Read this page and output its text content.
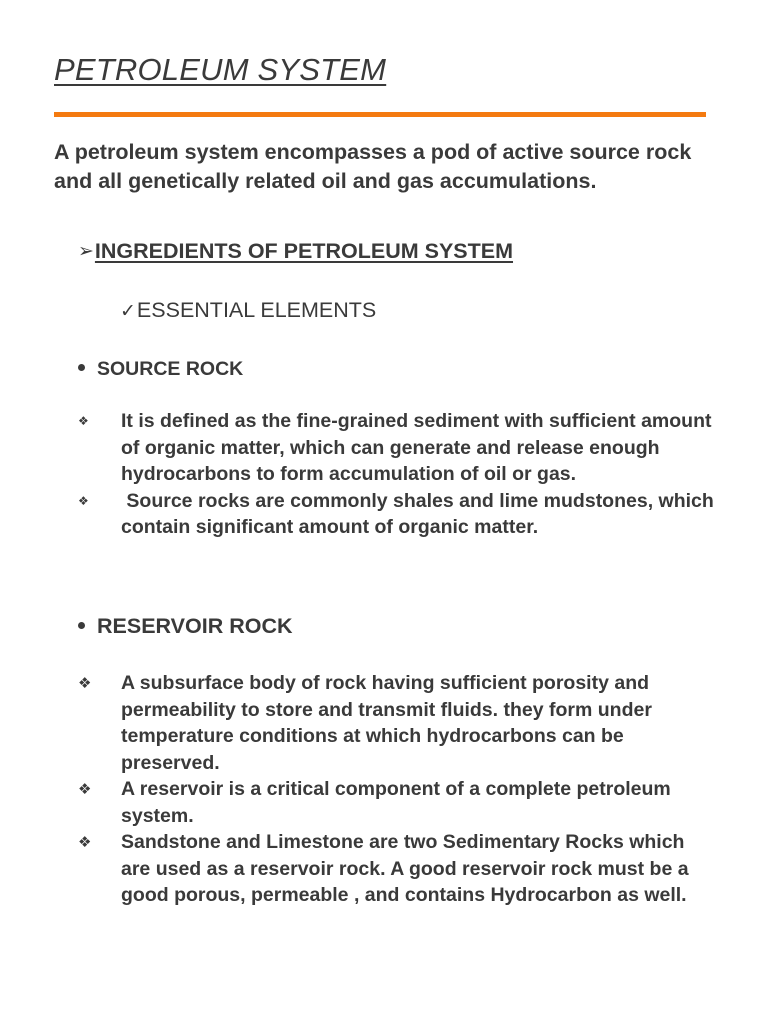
PETROLEUM SYSTEM

A petroleum system encompasses a pod of active source rock and all genetically related oil and gas accumulations.

➢INGREDIENTS OF PETROLEUM SYSTEM
✓ESSENTIAL ELEMENTS
SOURCE ROCK
❖ It is defined as the fine-grained sediment with sufficient amount of organic matter, which can generate and release enough hydrocarbons to form accumulation of oil or gas.
❖ Source rocks are commonly shales and lime mudstones, which contain significant amount of organic matter.
RESERVOIR ROCK
❖ A subsurface body of rock having sufficient porosity and permeability to store and transmit fluids. they form under temperature conditions at which hydrocarbons can be preserved.
❖ A reservoir is a critical component of a complete petroleum system.
❖ Sandstone and Limestone are two Sedimentary Rocks which are used as a reservoir rock. A good reservoir rock must be a good porous, permeable , and contains Hydrocarbon as well.
